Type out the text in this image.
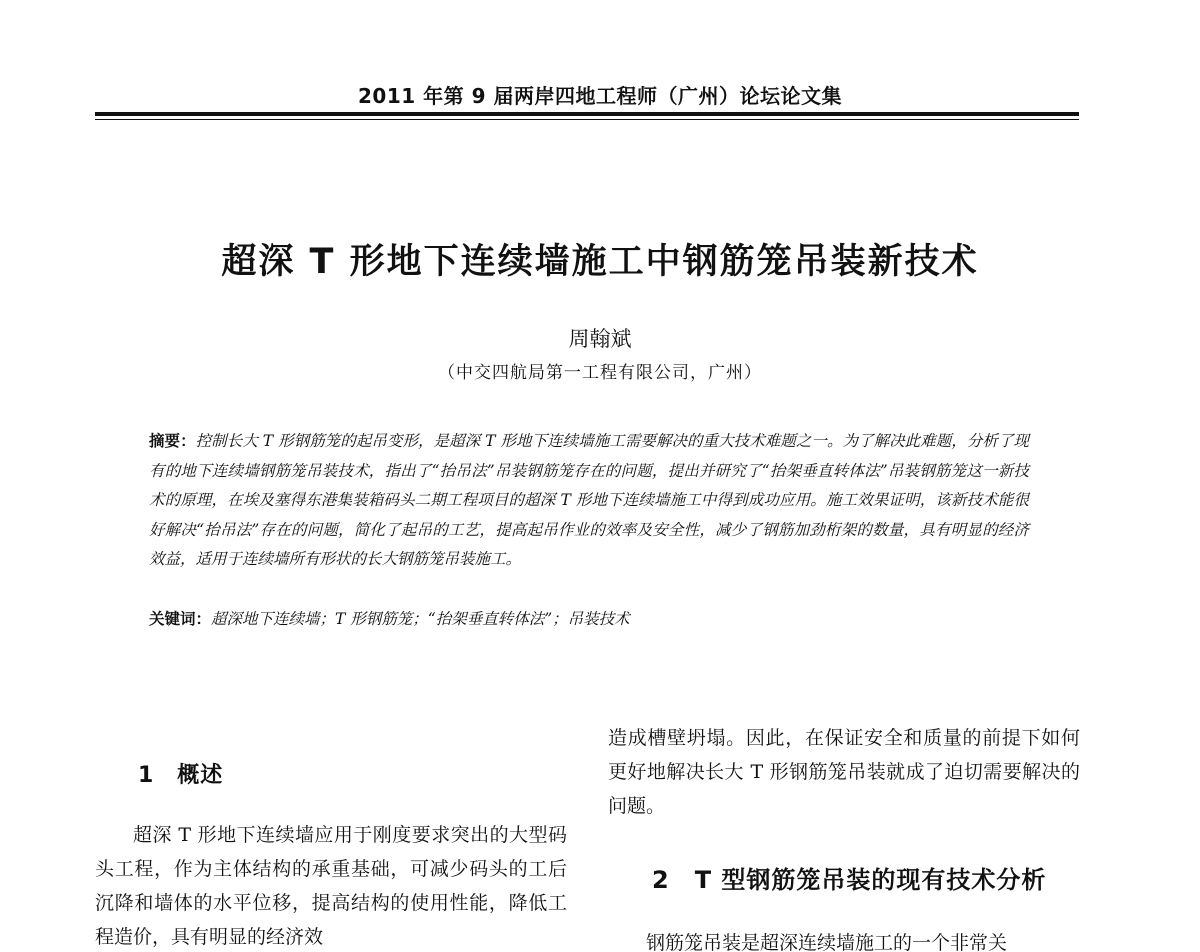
2011 年第 9 届两岸四地工程师（广州）论坛论文集
超深 T 形地下连续墙施工中钢筋笼吊装新技术
周翰斌
（中交四航局第一工程有限公司，广州）
摘要：控制长大 T 形钢筋笼的起吊变形，是超深 T 形地下连续墙施工需要解决的重大技术难题之一。为了解决此难题，分析了现有的地下连续墙钢筋笼吊装技术，指出了“抬吊法”吊装钢筋笼存在的问题，提出并研究了“抬架垂直转体法”吊装钢筋笼这一新技术的原理，在埃及塞得东港集装箱码头二期工程项目的超深 T 形地下连续墙施工中得到成功应用。施工效果证明，该新技术能很好解决“抬吊法”存在的问题，简化了起吊的工艺，提高起吊作业的效率及安全性，减少了钢筋加劲桁架的数量，具有明显的经济效益，适用于连续墙所有形状的长大钢筋笼吊装施工。
关键词：超深地下连续墙；T 形钢筋笼；“抬架垂直转体法”；吊装技术
1　概述
超深 T 形地下连续墙应用于刚度要求突出的大型码头工程，作为主体结构的承重基础，可减少码头的工后沉降和墙体的水平位移，提高结构的使用性能，降低工程造价，具有明显的经济效
造成槽壁坍塌。因此，在保证安全和质量的前提下如何更好地解决长大 T 形钢筋笼吊装就成了迫切需要解决的问题。
2　T 型钢筋笼吊装的现有技术分析
钢筋笼吊装是超深连续墙施工的一个非常关
